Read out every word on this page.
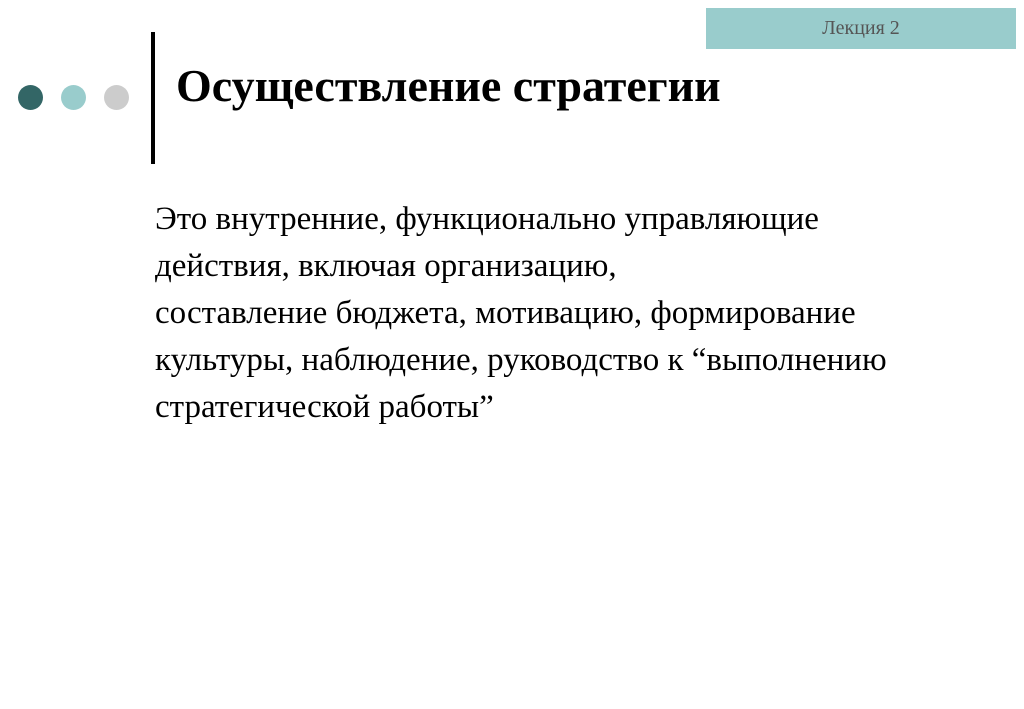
Лекция 2
Осуществление стратегии

Это внутренние, функционально управляющие
действия, включая организацию,
составление бюджета, мотивацию, формирование
культуры, наблюдение, руководство к “выполнению
стратегической работы”
